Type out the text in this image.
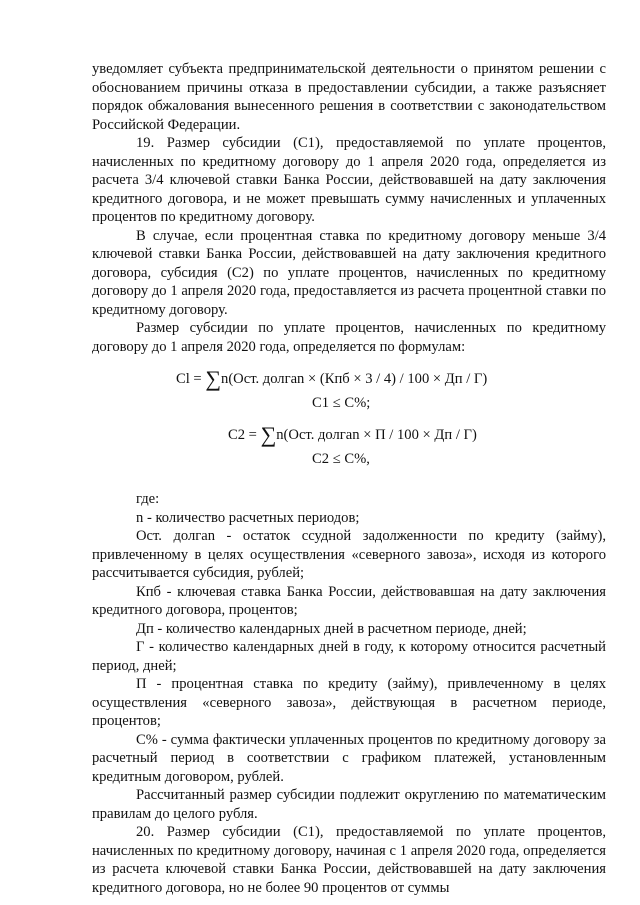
уведомляет субъекта предпринимательской деятельности о принятом решении с обоснованием причины отказа в предоставлении субсидии, а также разъясняет порядок обжалования вынесенного решения в соответствии с законодательством Российской Федерации.

19. Размер субсидии (С1), предоставляемой по уплате процентов, начисленных по кредитному договору до 1 апреля 2020 года, определяется из расчета 3/4 ключевой ставки Банка России, действовавшей на дату заключения кредитного договора, и не может превышать сумму начисленных и уплаченных процентов по кредитному договору.

В случае, если процентная ставка по кредитному договору меньше 3/4 ключевой ставки Банка России, действовавшей на дату заключения кредитного договора, субсидия (С2) по уплате процентов, начисленных по кредитному договору до 1 апреля 2020 года, предоставляется из расчета процентной ставки по кредитному договору.

Размер субсидии по уплате процентов, начисленных по кредитному договору до 1 апреля 2020 года, определяется по формулам:

Cl = ∑n(Ост. долгаn × (Кпб × 3 / 4) / 100 × Дп / Г)
C1 ≤ C%;
C2 = ∑n(Ост. долгаn × П / 100 × Дп / Г)
C2 ≤ C%,

где:

n - количество расчетных периодов;

Ост. долгаn - остаток ссудной задолженности по кредиту (займу), привлеченному в целях осуществления «северного завоза», исходя из которого рассчитывается субсидия, рублей;

Кпб - ключевая ставка Банка России, действовавшая на дату заключения кредитного договора, процентов;

Дп - количество календарных дней в расчетном периоде, дней;

Г - количество календарных дней в году, к которому относится расчетный период, дней;

П - процентная ставка по кредиту (займу), привлеченному в целях осуществления «северного завоза», действующая в расчетном периоде, процентов;

С% - сумма фактически уплаченных процентов по кредитному договору за расчетный период в соответствии с графиком платежей, установленным кредитным договором, рублей.

Рассчитанный размер субсидии подлежит округлению по математическим правилам до целого рубля.

20. Размер субсидии (С1), предоставляемой по уплате процентов, начисленных по кредитному договору, начиная с 1 апреля 2020 года, определяется из расчета ключевой ставки Банка России, действовавшей на дату заключения кредитного договора, но не более 90 процентов от суммы
